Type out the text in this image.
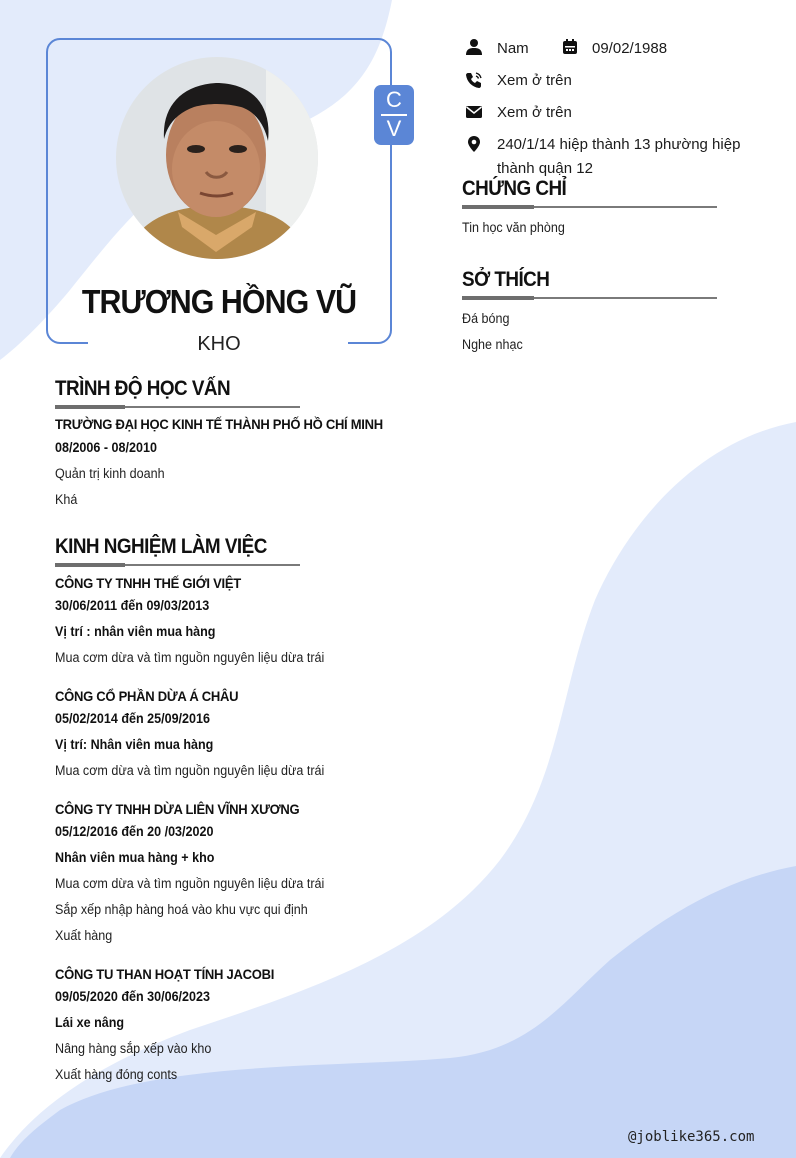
TRƯƠNG HỒNG VŨ
KHO
C
V
Nam	09/02/1988
Xem ở trên
Xem ở trên
240/1/14 hiệp thành 13 phường hiệp
thành quận 12
CHỨNG CHỈ
Tin học văn phòng
SỞ THÍCH
Đá bóng
Nghe nhạc
TRÌNH ĐỘ HỌC VẤN
TRƯỜNG ĐẠI HỌC KINH TẾ THÀNH PHỐ HỒ CHÍ MINH
08/2006 - 08/2010
Quản trị kinh doanh
Khá
KINH NGHIỆM LÀM VIỆC
CÔNG TY TNHH THẾ GIỚI VIỆT
30/06/2011 đến 09/03/2013
Vị trí : nhân viên mua hàng
Mua cơm dừa và tìm nguồn nguyên liệu dừa trái
CÔNG CỔ PHẦN DỪA Á CHÂU
05/02/2014 đến 25/09/2016
Vị trí: Nhân viên mua hàng
Mua cơm dừa và tìm nguồn nguyên liệu dừa trái
CÔNG TY TNHH DỪA LIÊN VĨNH XƯƠNG
05/12/2016 đến 20 /03/2020
Nhân viên mua hàng + kho
Mua cơm dừa và tìm nguồn nguyên liệu dừa trái
Sắp xếp nhập hàng hoá vào khu vực qui định
Xuất hàng
CÔNG TU THAN HOẠT TÍNH JACOBI
09/05/2020 đến 30/06/2023
Lái xe nâng
Nâng hàng sắp xếp vào kho
Xuất hàng đóng conts
@joblike365.com
